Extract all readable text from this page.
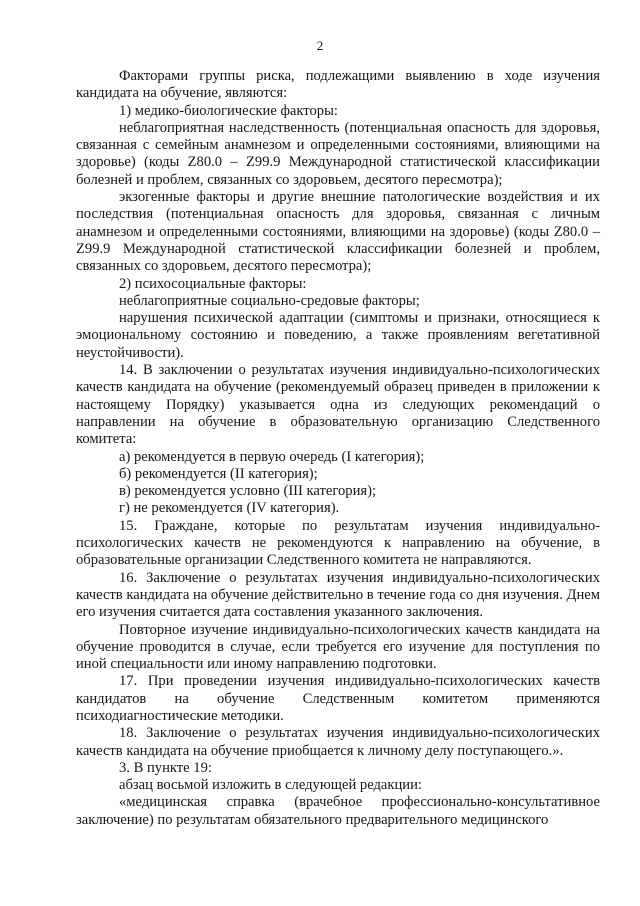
2

Факторами группы риска, подлежащими выявлению в ходе изучения кандидата на обучение, являются:

1) медико-биологические факторы:

неблагоприятная наследственность (потенциальная опасность для здоровья, связанная с семейным анамнезом и определенными состояниями, влияющими на здоровье) (коды Z80.0 – Z99.9 Международной статистической классификации болезней и проблем, связанных со здоровьем, десятого пересмотра);

экзогенные факторы и другие внешние патологические воздействия и их последствия (потенциальная опасность для здоровья, связанная с личным анамнезом и определенными состояниями, влияющими на здоровье) (коды Z80.0 – Z99.9 Международной статистической классификации болезней и проблем, связанных со здоровьем, десятого пересмотра);

2) психосоциальные факторы:

неблагоприятные социально-средовые факторы;

нарушения психической адаптации (симптомы и признаки, относящиеся к эмоциональному состоянию и поведению, а также проявлениям вегетативной неустойчивости).

14. В заключении о результатах изучения индивидуально-психологических качеств кандидата на обучение (рекомендуемый образец приведен в приложении к настоящему Порядку) указывается одна из следующих рекомендаций о направлении на обучение в образовательную организацию Следственного комитета:

а) рекомендуется в первую очередь (I категория);

б) рекомендуется (II категория);

в) рекомендуется условно (III категория);

г) не рекомендуется (IV категория).

15. Граждане, которые по результатам изучения индивидуально-психологических качеств не рекомендуются к направлению на обучение, в образовательные организации Следственного комитета не направляются.

16. Заключение о результатах изучения индивидуально-психологических качеств кандидата на обучение действительно в течение года со дня изучения. Днем его изучения считается дата составления указанного заключения.

Повторное изучение индивидуально-психологических качеств кандидата на обучение проводится в случае, если требуется его изучение для поступления по иной специальности или иному направлению подготовки.

17. При проведении изучения индивидуально-психологических качеств кандидатов на обучение Следственным комитетом применяются психодиагностические методики.

18. Заключение о результатах изучения индивидуально-психологических качеств кандидата на обучение приобщается к личному делу поступающего.».

3. В пункте 19:

абзац восьмой изложить в следующей редакции:

«медицинская справка (врачебное профессионально-консультативное заключение) по результатам обязательного предварительного медицинского
